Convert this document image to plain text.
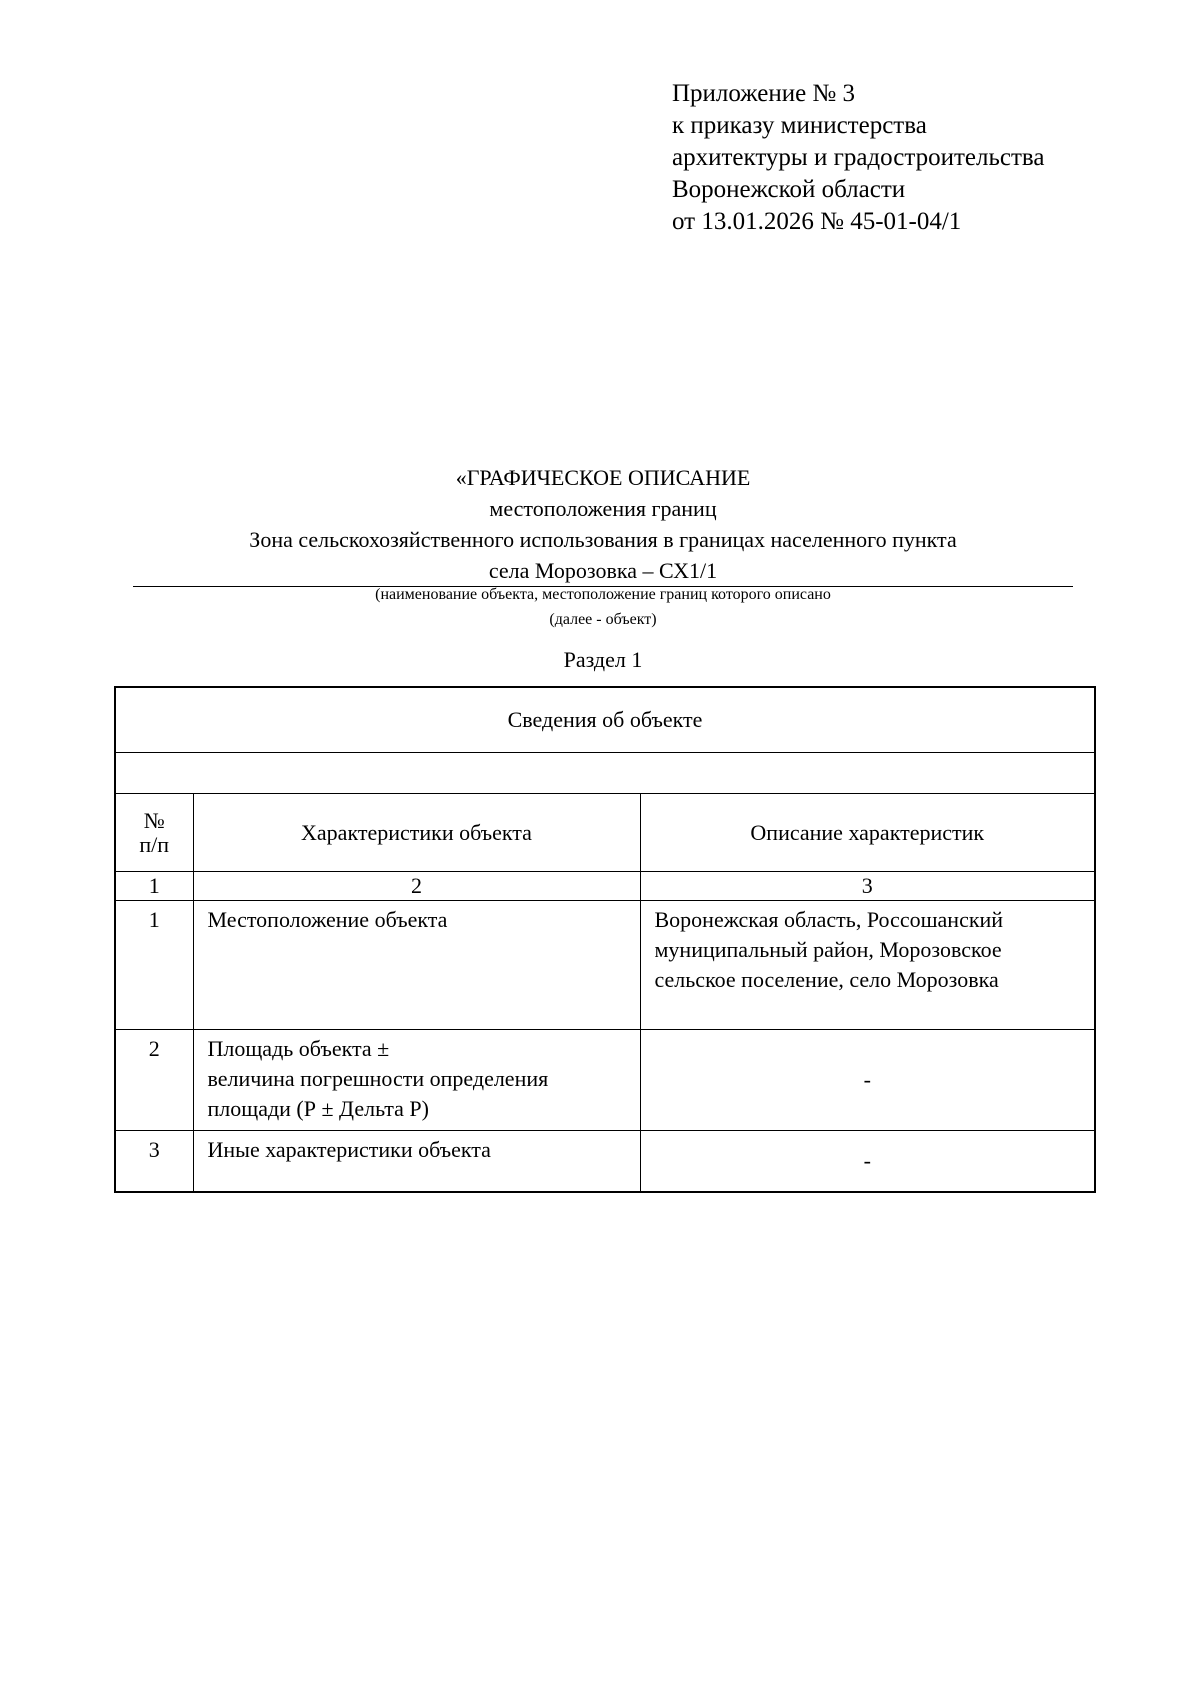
Приложение № 3
к приказу министерства
архитектуры и градостроительства
Воронежской области
от 13.01.2026 № 45-01-04/1
«ГРАФИЧЕСКОЕ ОПИСАНИЕ
местоположения границ
Зона сельскохозяйственного использования в границах населенного пункта
села Морозовка – СХ1/1
(наименование объекта, местоположение границ которого описано
(далее - объект)
Раздел 1
Сведения об объекте		

№
п/п	Характеристики объекта	Описание характеристик
1	2	3
1	Местоположение объекта	Воронежская область, Россошанский
муниципальный район, Морозовское
сельское поселение, село Морозовка

2	Площадь объекта ±
величина погрешности определения
площади (Р ± Дельта Р)	-
3	Иные характеристики объекта	-
